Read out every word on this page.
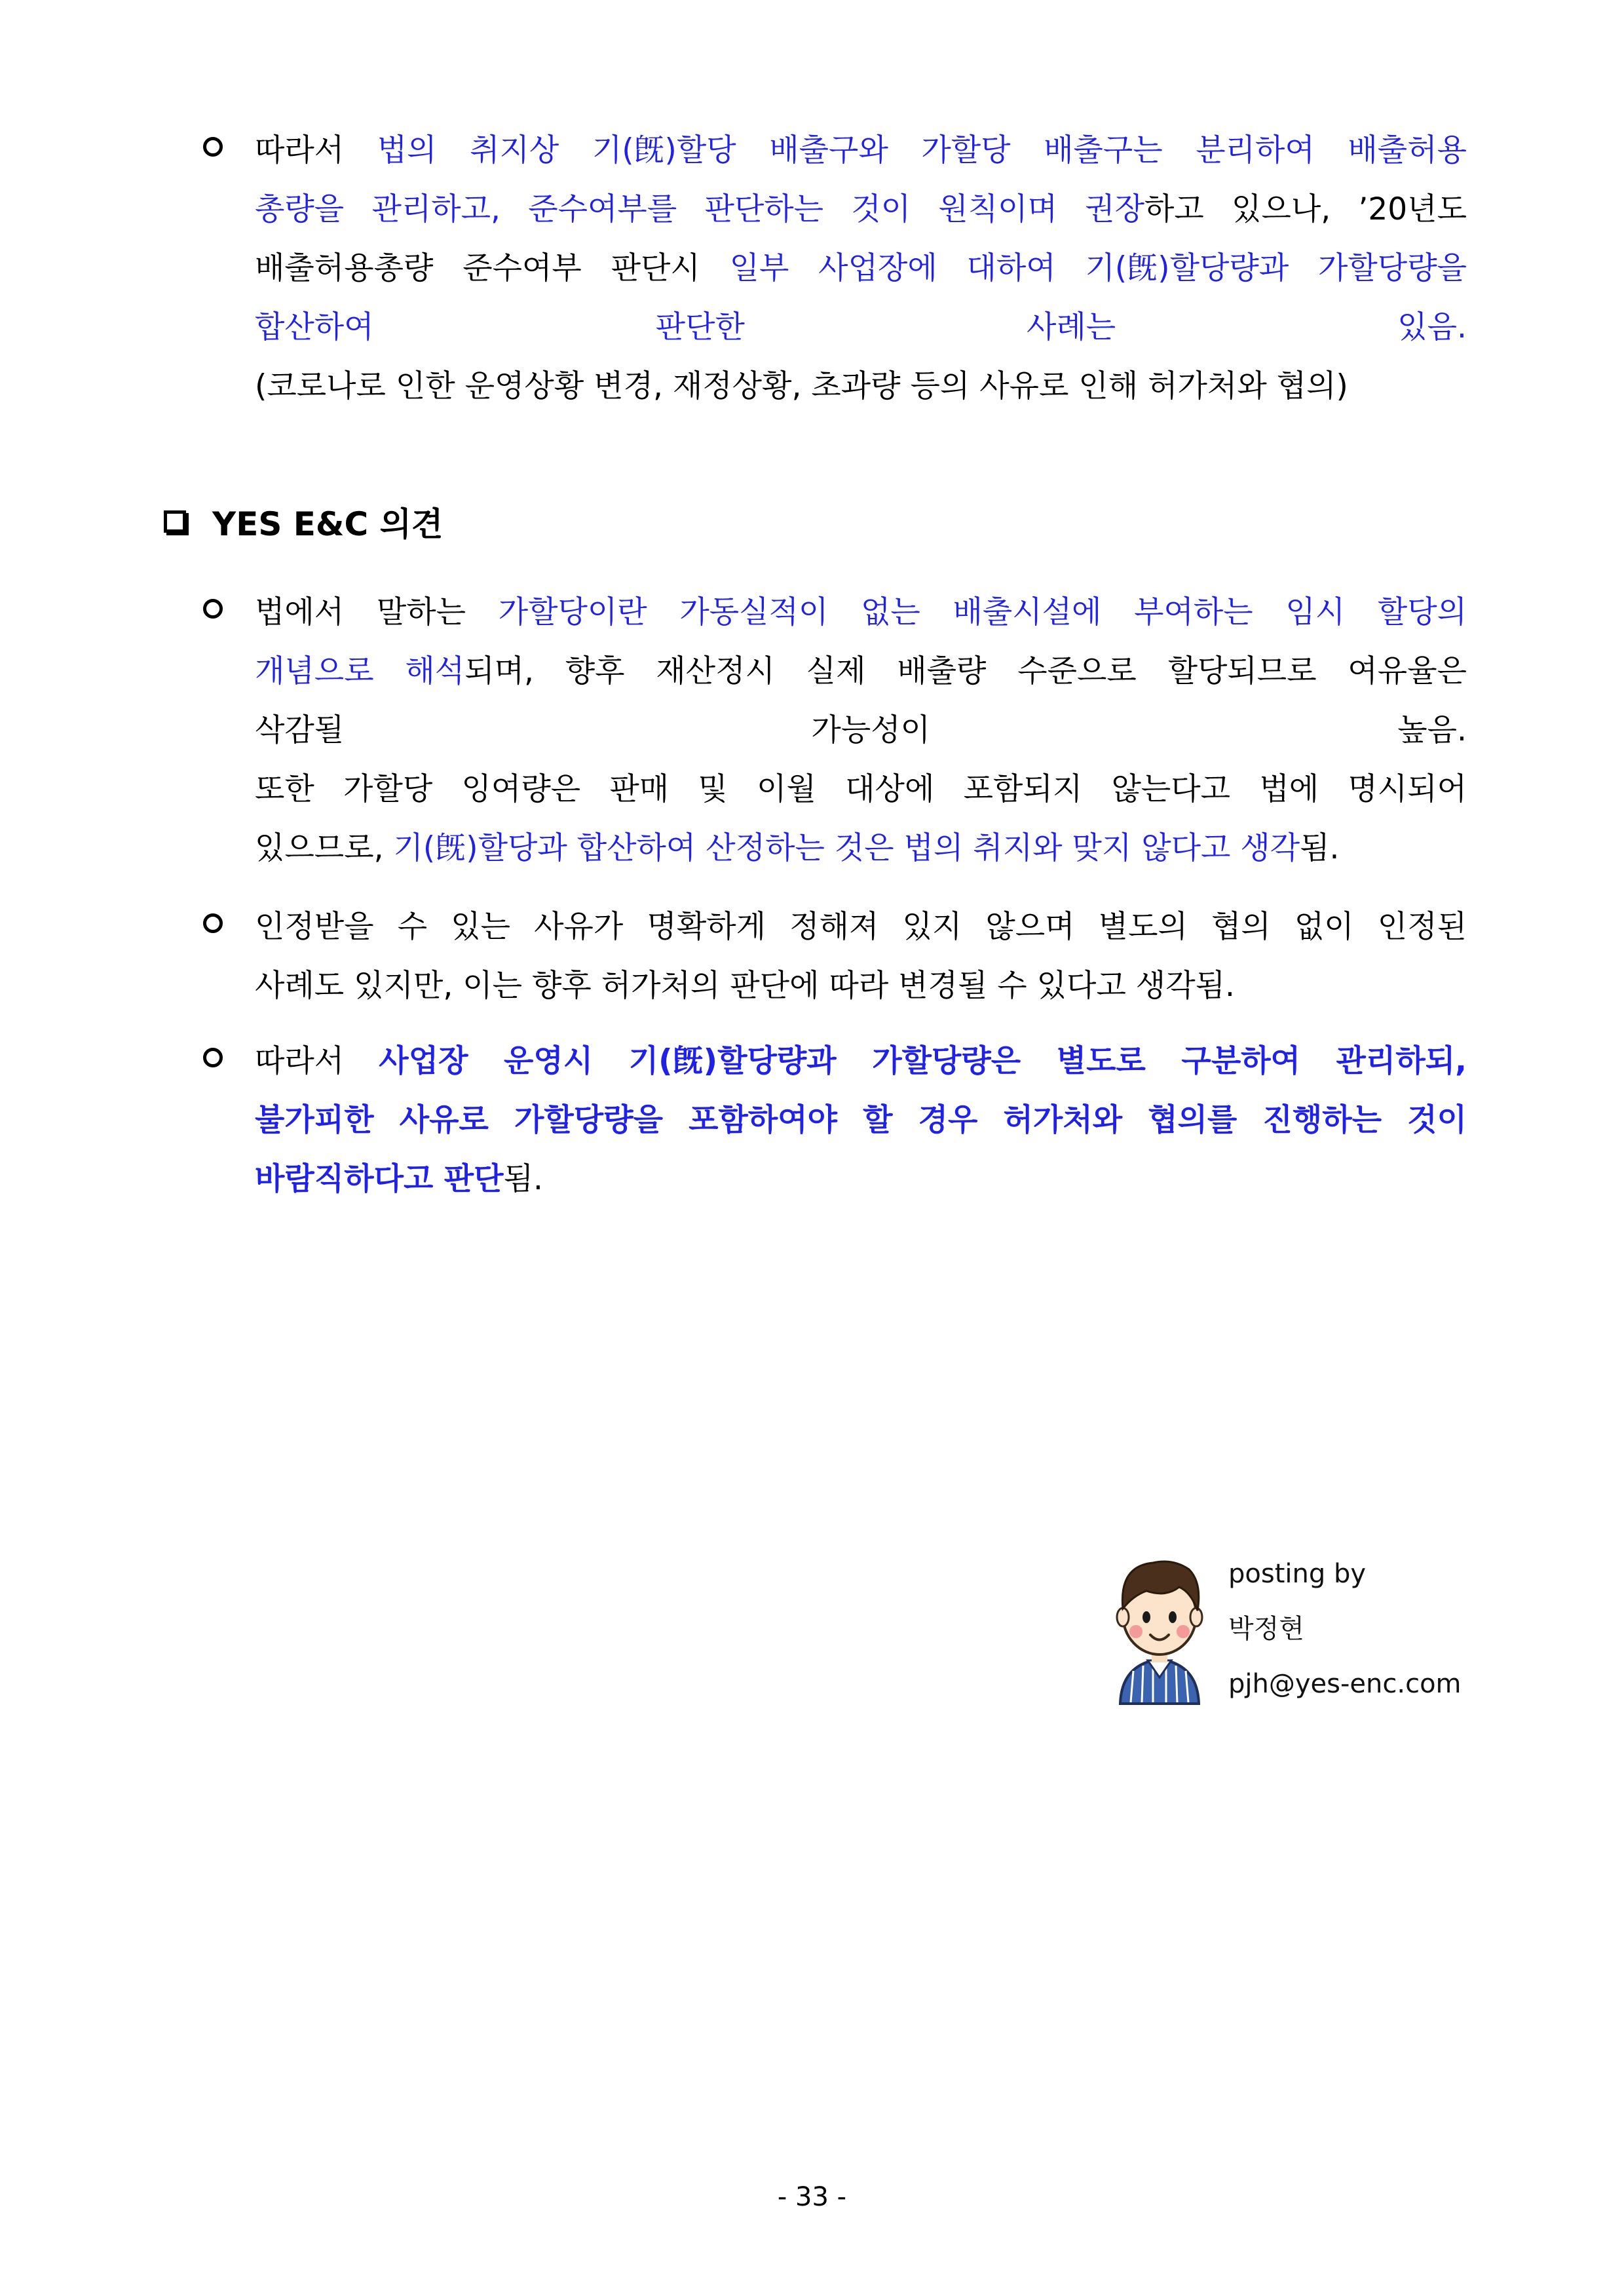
따라서 법의 취지상 기(旣)할당 배출구와 가할당 배출구는 분리하여 배출허용
총량을 관리하고, 준수여부를 판단하는 것이 원칙이며 권장하고 있으나, ’20년도
배출허용총량 준수여부 판단시 일부 사업장에 대하여 기(旣)할당량과 가할당량을
합산하여 판단한 사례는 있음.
(코로나로 인한 운영상황 변경, 재정상황, 초과량 등의 사유로 인해 허가처와 협의)
YES E&C 의견
법에서 말하는 가할당이란 가동실적이 없는 배출시설에 부여하는 임시 할당의
개념으로 해석되며, 향후 재산정시 실제 배출량 수준으로 할당되므로 여유율은
삭감될 가능성이 높음.
또한 가할당 잉여량은 판매 및 이월 대상에 포함되지 않는다고 법에 명시되어
있으므로, 기(旣)할당과 합산하여 산정하는 것은 법의 취지와 맞지 않다고 생각됨.
인정받을 수 있는 사유가 명확하게 정해져 있지 않으며 별도의 협의 없이 인정된
사례도 있지만, 이는 향후 허가처의 판단에 따라 변경될 수 있다고 생각됨.
따라서 사업장 운영시 기(旣)할당량과 가할당량은 별도로 구분하여 관리하되,
불가피한 사유로 가할당량을 포함하여야 할 경우 허가처와 협의를 진행하는 것이
바람직하다고 판단됨.
posting by
박정현
pjh@yes-enc.com
- 33 -
